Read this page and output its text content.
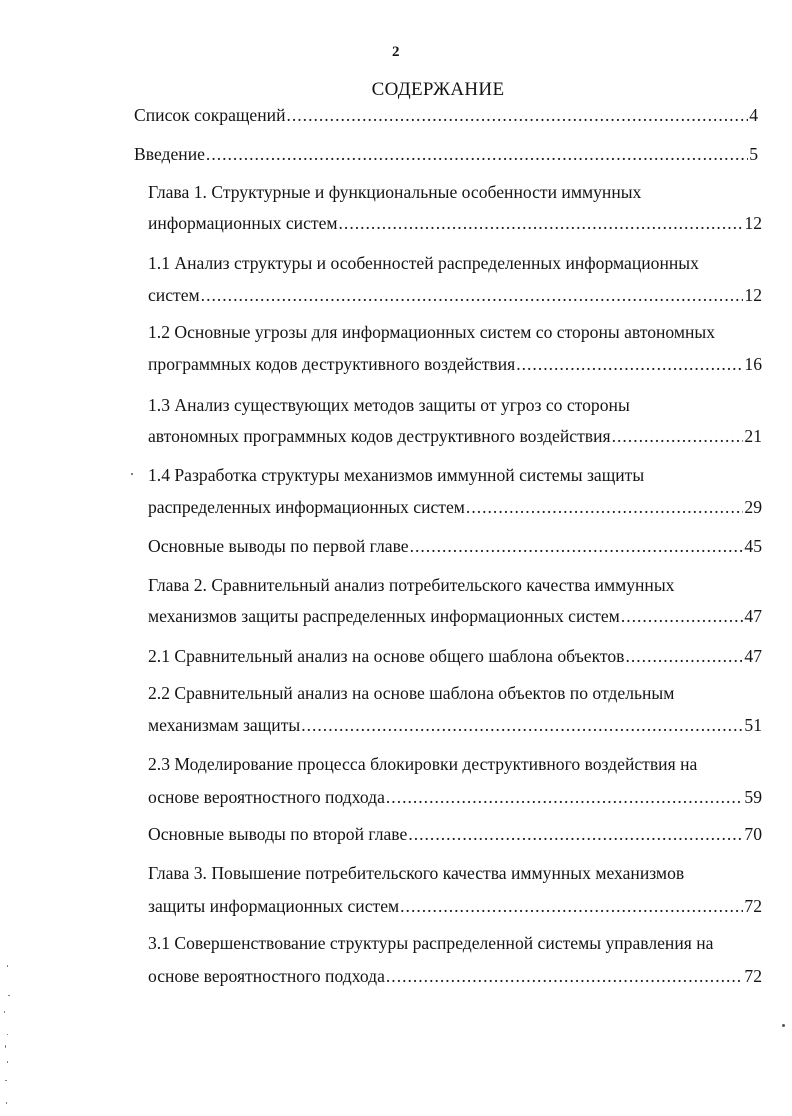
2
СОДЕРЖАНИЕ
Список сокращений .....	4
Введение .....	5
Глава 1. Структурные и функциональные особенности иммунных
информационных систем .....	12
1.1 Анализ структуры и особенностей распределенных информационных
систем .....	12
1.2 Основные угрозы для информационных систем со стороны автономных
программных кодов деструктивного воздействия .....	16
1.3 Анализ существующих методов защиты от угроз со стороны
автономных программных кодов деструктивного воздействия .....	21
1.4 Разработка структуры механизмов иммунной системы защиты
распределенных информационных систем .....	29
Основные выводы по первой главе .....	45
Глава 2. Сравнительный анализ потребительского качества иммунных
механизмов защиты распределенных информационных систем .....	47
2.1 Сравнительный анализ на основе общего шаблона объектов .....	47
2.2 Сравнительный анализ на основе шаблона объектов по отдельным
механизмам защиты .....	51
2.3 Моделирование процесса блокировки деструктивного воздействия на
основе вероятностного подхода .....	59
Основные выводы по второй главе .....	70
Глава 3. Повышение потребительского качества иммунных механизмов
защиты информационных систем .....	72
3.1 Совершенствование структуры распределенной системы управления на
основе вероятностного подхода .....	72
